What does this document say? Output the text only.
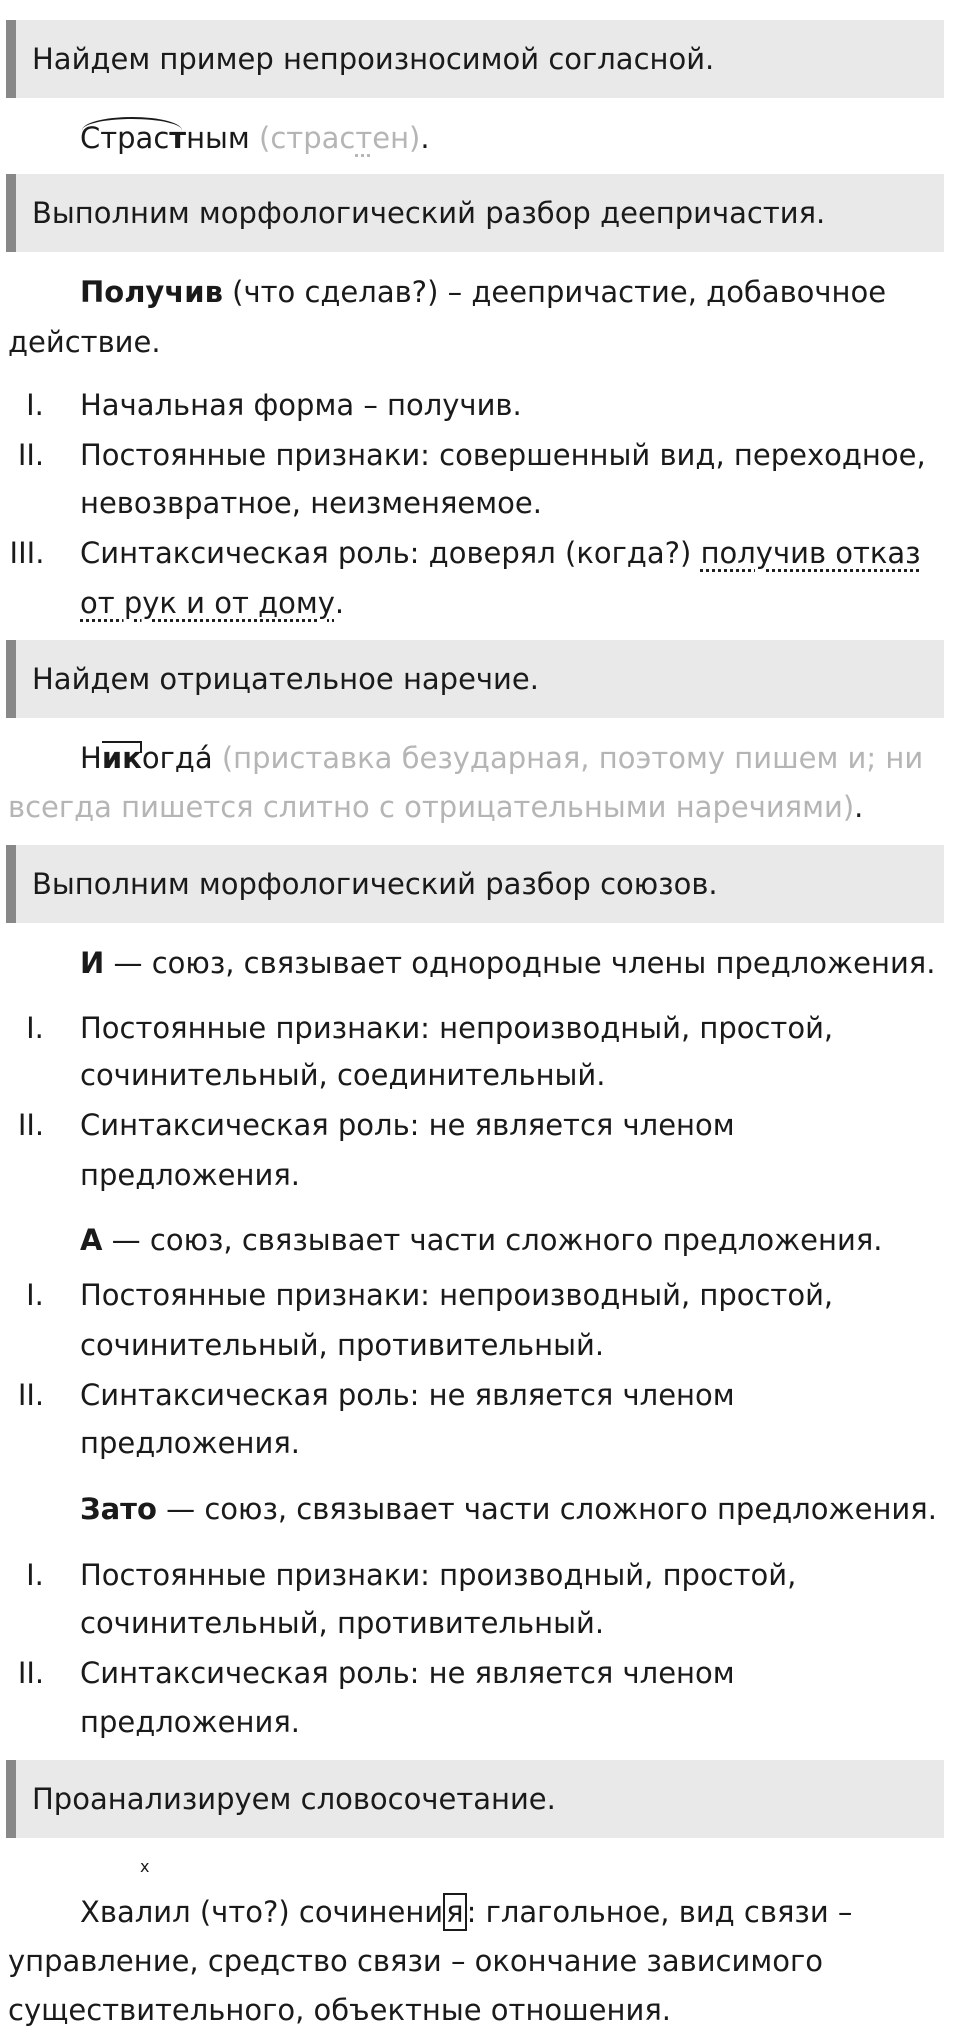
Найдем пример непроизносимой согласной.
Страстным (страстен).
Выполним морфологический разбор деепричастия.
Получив (что сделав?) – деепричастие, добавочное
действие.
I.	Начальная форма – получив.
II.	Постоянные признаки: совершенный вид, переходное,
невозвратное, неизменяемое.
III. Синтаксическая роль: доверял (когда?) получив отказ
от рук и от дому.
Найдем отрицательное наречие.
Н
икогда́ (приставка безударная, поэтому пишем и; ни
всегда пишется слитно с отрицательными наречиями).
Выполним морфологический разбор союзов.
И — союз, связывает однородные члены предложения.
I.	Постоянные признаки: непроизводный, простой,
сочинительный, соединительный.
II.	Синтаксическая роль: не является членом
предложения.
А — союз, связывает части сложного предложения.
I.	Постоянные признаки: непроизводный, простой,
сочинительный, противительный.
II.	Синтаксическая роль: не является членом
предложения.
Зато — союз, связывает части сложного предложения.
I.	Постоянные признаки: производный, простой,
сочинительный, противительный.
II.	Синтаксическая роль: не является членом
предложения.
Проанализируем словосочетание.
x
Хвалил (что?) сочинени я : глагольное, вид связи –
управление, средство связи – окончание зависимого
существительного, объектные отношения.
